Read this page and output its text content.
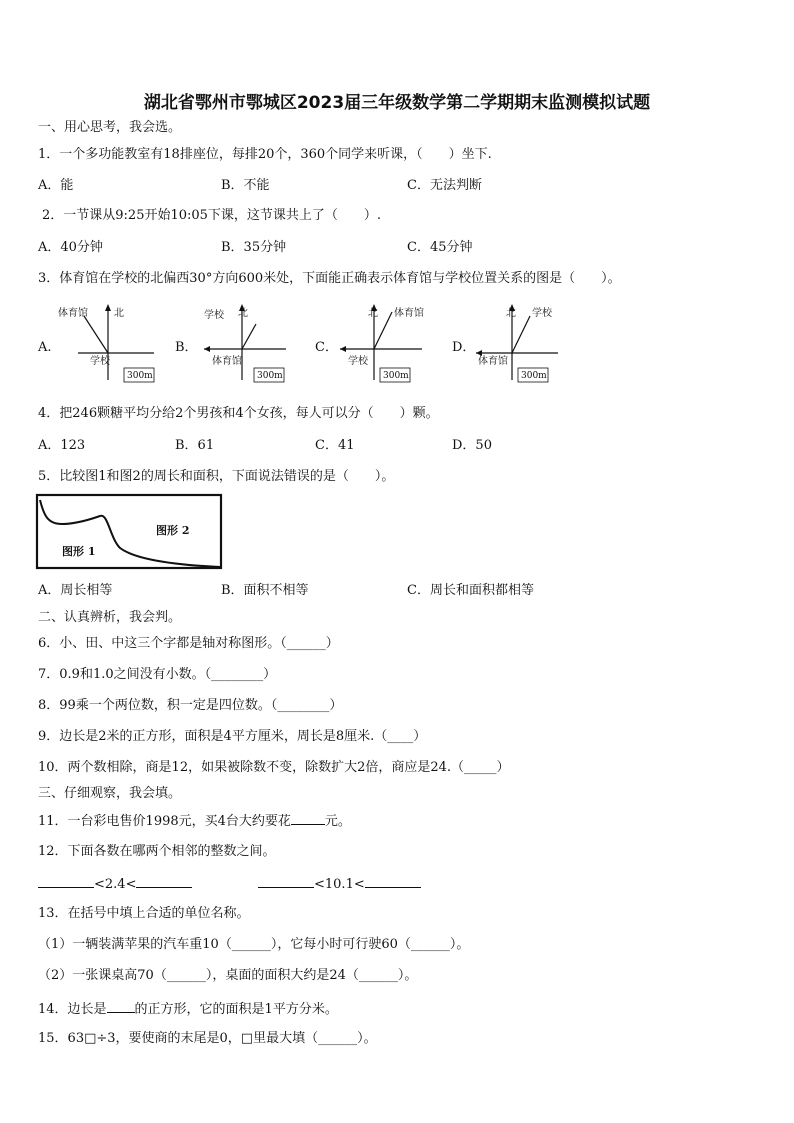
湖北省鄂州市鄂城区2023届三年级数学第二学期期末监测模拟试题
一、用心思考，我会选。
1．一个多功能教室有18排座位，每排20个，360个同学来听课，（　　）坐下.
A．能	B．不能	C．无法判断
2．一节课从9:25开始10:05下课，这节课共上了（　　）.
A．40分钟	B．35分钟	C．45分钟
3．体育馆在学校的北偏西30°方向600米处，下面能正确表示体育馆与学校位置关系的图是（　　）。
A.
北
体育馆
学校
300m
B．
学校 北
体育馆
300m
C．
北 体育馆
学校
300m
D．
北 学校
体育馆
300m
4．把246颗糖平均分给2个男孩和4个女孩，每人可以分（　　）颗。
A．123	B．61	C．41	D．50
5．比较图1和图2的周长和面积，下面说法错误的是（　　）。
图形 2
图形 1
A．周长相等	B．面积不相等	C．周长和面积都相等
二、认真辨析，我会判。
6．小、田、中这三个字都是轴对称图形。（______）
7．0.9和1.0之间没有小数。（________）
8．99乘一个两位数，积一定是四位数。（________）
9．边长是2米的正方形，面积是4平方厘米，周长是8厘米.（____）
10．两个数相除，商是12，如果被除数不变，除数扩大2倍，商应是24.（_____）
三、仔细观察，我会填。
11．一台彩电售价1998元，买4台大约要花	元。
12．下面各数在哪两个相邻的整数之间。
<2.4<	<10.1<
13．在括号中填上合适的单位名称。
（1）一辆装满苹果的汽车重10（______），它每小时可行驶60（______）。
（2）一张课桌高70（______），桌面的面积大约是24（______）。
14．边长是 的正方形，它的面积是1平方分米。
15．63□÷3，要使商的末尾是0，□里最大填（______）。
